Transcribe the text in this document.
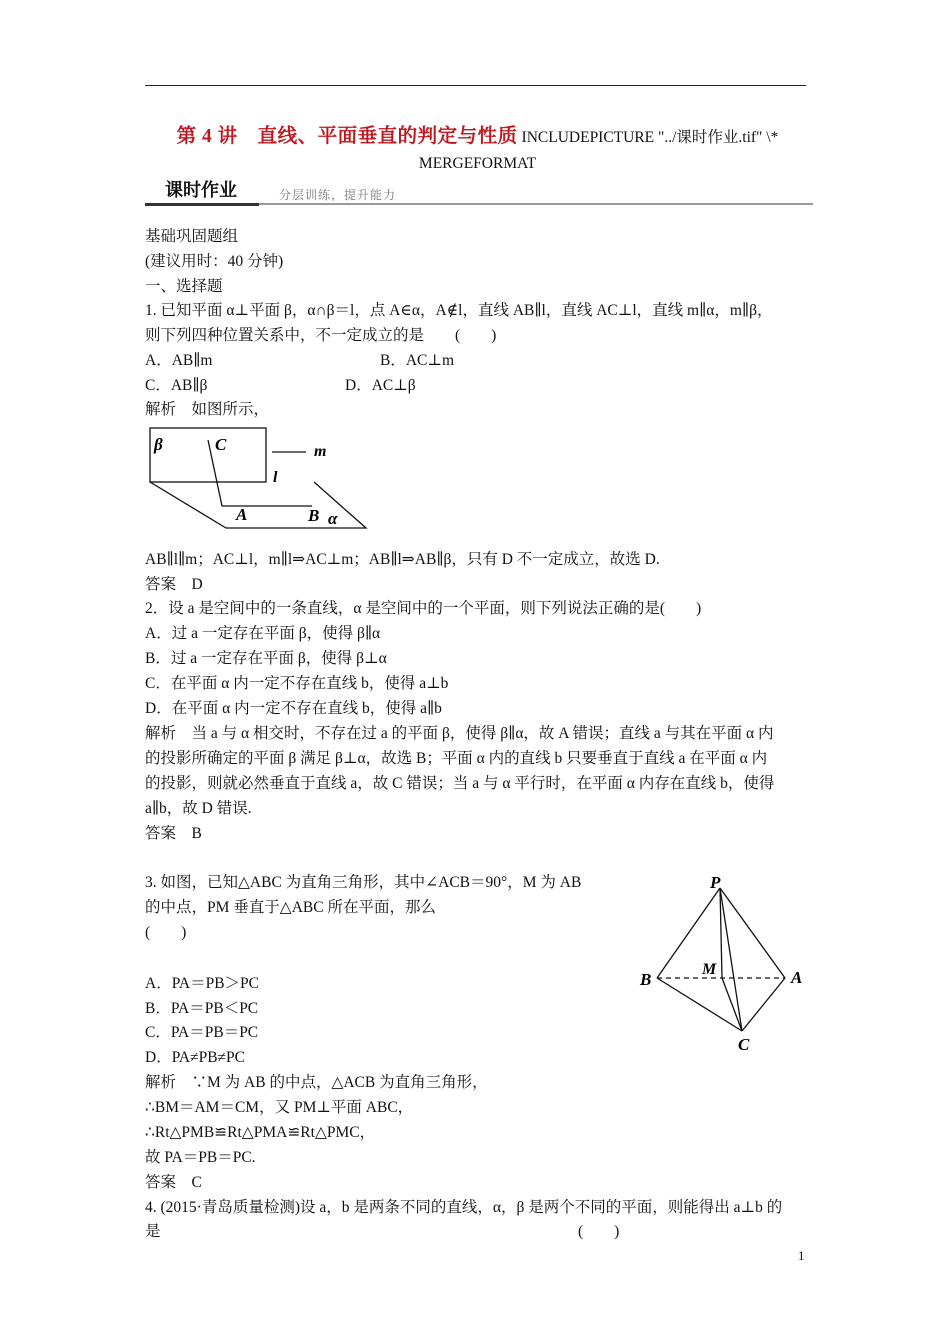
第 4 讲　直线、平面垂直的判定与性质 INCLUDEPICTURE "../课时作业.tif" \*
MERGEFORMAT
课时作业	分层训练，提升能力
基础巩固题组
(建议用时：40 分钟)
一、选择题
1. 已知平面 α⊥平面 β，α∩β＝l，点 A∈α，A∉l，直线 AB∥l，直线 AC⊥l，直线 m∥α，m∥β，
则下列四种位置关系中，不一定成立的是　　(　　)
A．AB∥m	B．AC⊥m
C．AB∥β	D．AC⊥β
解析　如图所示，
β	C	m
l
A	B α
AB∥l∥m；AC⊥l，m∥l⇒AC⊥m；AB∥l⇒AB∥β，只有 D 不一定成立，故选 D.
答案　D
2．设 a 是空间中的一条直线，α 是空间中的一个平面，则下列说法正确的是(　　)
A．过 a 一定存在平面 β，使得 β∥α
B．过 a 一定存在平面 β，使得 β⊥α
C．在平面 α 内一定不存在直线 b，使得 a⊥b
D．在平面 α 内一定不存在直线 b，使得 a∥b
解析　当 a 与 α 相交时，不存在过 a 的平面 β，使得 β∥α，故 A 错误；直线 a 与其在平面 α 内
的投影所确定的平面 β 满足 β⊥α，故选 B；平面 α 内的直线 b 只要垂直于直线 a 在平面 α 内
的投影，则就必然垂直于直线 a，故 C 错误；当 a 与 α 平行时，在平面 α 内存在直线 b，使得
a∥b，故 D 错误.
答案　B
3. 如图，已知△ABC 为直角三角形，其中∠ACB＝90°，M 为 AB
的中点，PM 垂直于△ABC 所在平面，那么
(　　)
A．PA＝PB＞PC
B．PA＝PB＜PC
C．PA＝PB＝PC
D．PA≠PB≠PC
解析　∵M 为 AB 的中点，△ACB 为直角三角形，
∴BM＝AM＝CM，又 PM⊥平面 ABC，
∴Rt△PMB≌Rt△PMA≌Rt△PMC，
故 PA＝PB＝PC.
答案　C
P
M
B	A
C
4. (2015·青岛质量检测)设 a，b 是两条不同的直线，α，β 是两个不同的平面，则能得出 a⊥b 的
是	(　　)
1
